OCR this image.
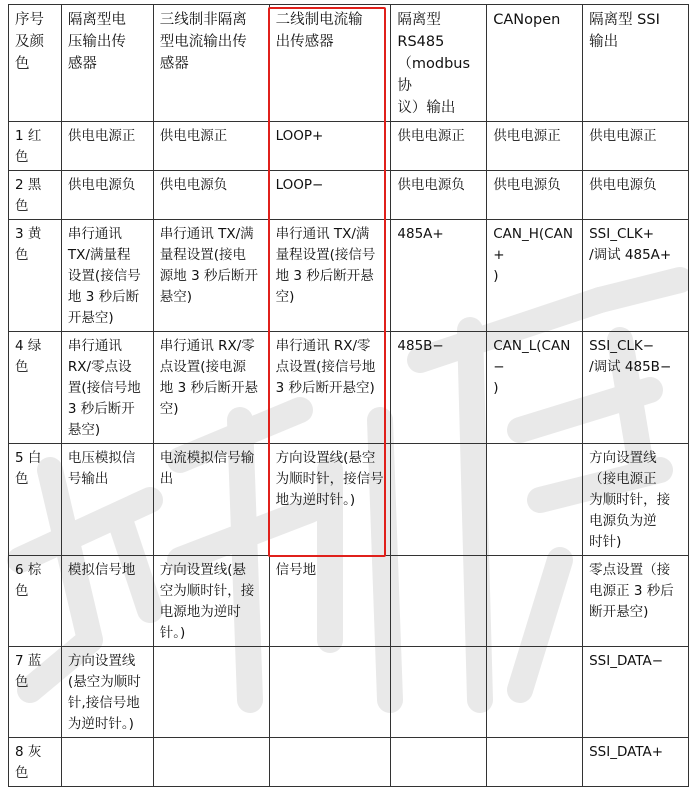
序号
及颜
色	隔离型电
压输出传
感器	三线制非隔离
型电流输出传
感器	二线制电流输
出传感器	隔离型
RS485
（modbus 协
议）输出	CANopen	隔离型 SSI
输出
1 红
色	供电电源正	供电电源正	LOOP+	供电电源正	供电电源正	供电电源正
2 黑
色	供电电源负	供电电源负	LOOP−	供电电源负	供电电源负	供电电源负
3 黄
色	串行通讯
TX/满量程
设置(接信号
地 3 秒后断
开悬空)	串行通讯 TX/满
量程设置(接电
源地 3 秒后断开
悬空)	串行通讯 TX/满
量程设置(接信号
地 3 秒后断开悬
空)	485A+	CAN_H(CAN+
)	SSI_CLK+
/调试 485A+
4 绿
色	串行通讯
RX/零点设
置(接信号地
3 秒后断开
悬空)	串行通讯 RX/零
点设置(接电源
地 3 秒后断开悬
空)	串行通讯 RX/零
点设置(接信号地
3 秒后断开悬空)	485B−	CAN_L(CAN−
)	SSI_CLK−
/调试 485B−
5 白
色	电压模拟信
号输出	电流模拟信号输
出	方向设置线(悬空
为顺时针，接信号
地为逆时针。)			方向设置线
（接电源正
为顺时针，接
电源负为逆
时针)
6 棕
色	模拟信号地	方向设置线(悬
空为顺时针，接
电源地为逆时
针。)	信号地			零点设置（接
电源正 3 秒后
断开悬空)
7 蓝
色	方向设置线
(悬空为顺时
针,接信号地
为逆时针。)					SSI_DATA−
8 灰
色						SSI_DATA+
